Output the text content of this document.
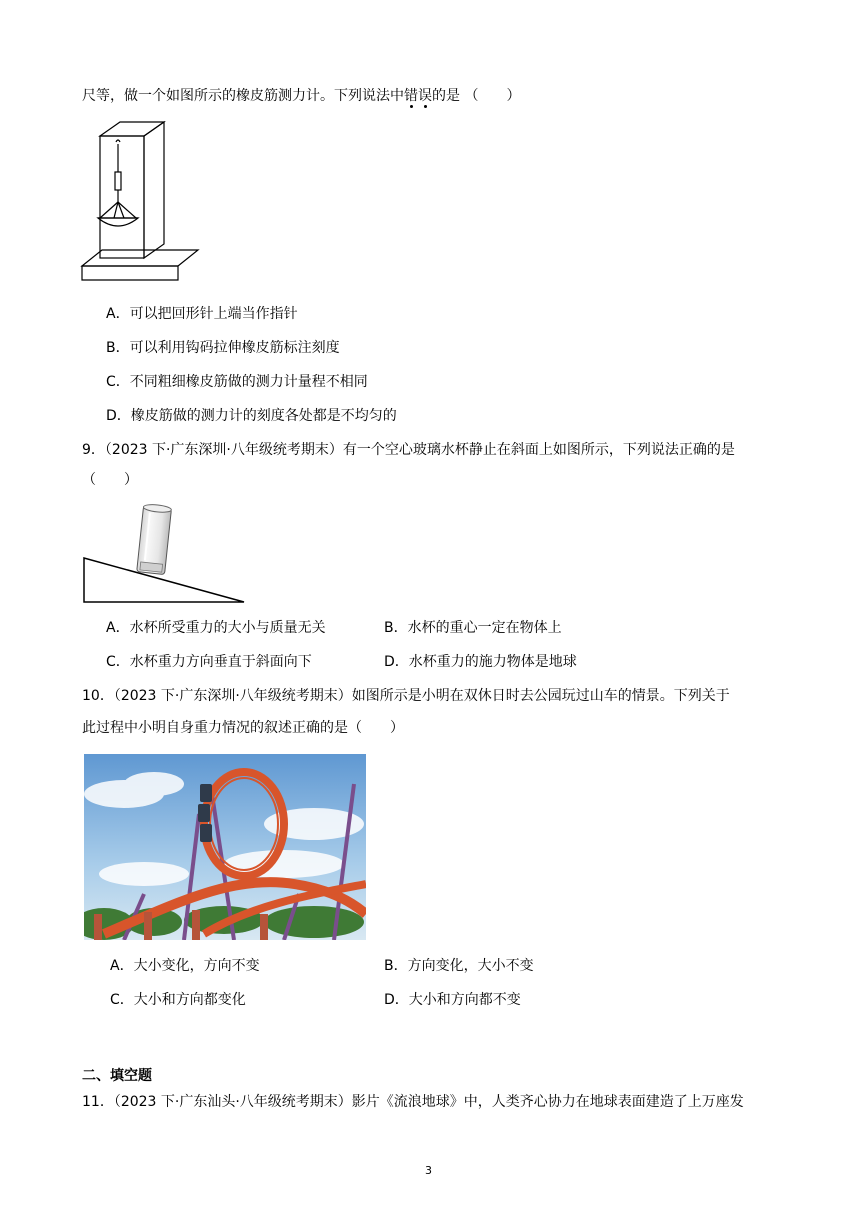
尺等，做一个如图所示的橡皮筋测力计。下列说法中错误的是 （　　）
A．可以把回形针上端当作指针
B．可以利用钩码拉伸橡皮筋标注刻度
C．不同粗细橡皮筋做的测力计量程不相同
D．橡皮筋做的测力计的刻度各处都是不均匀的
9．（2023 下·广东深圳·八年级统考期末）有一个空心玻璃水杯静止在斜面上如图所示，下列说法正确的是
（　　）
A．水杯所受重力的大小与质量无关	B．水杯的重心一定在物体上
C．水杯重力方向垂直于斜面向下	D．水杯重力的施力物体是地球
10．（2023 下·广东深圳·八年级统考期末）如图所示是小明在双休日时去公园玩过山车的情景。下列关于
此过程中小明自身重力情况的叙述正确的是（　　）
A．大小变化，方向不变	B．方向变化，大小不变
C．大小和方向都变化	D．大小和方向都不变
二、填空题
11．（2023 下·广东汕头·八年级统考期末）影片《流浪地球》中，人类齐心协力在地球表面建造了上万座发
3
